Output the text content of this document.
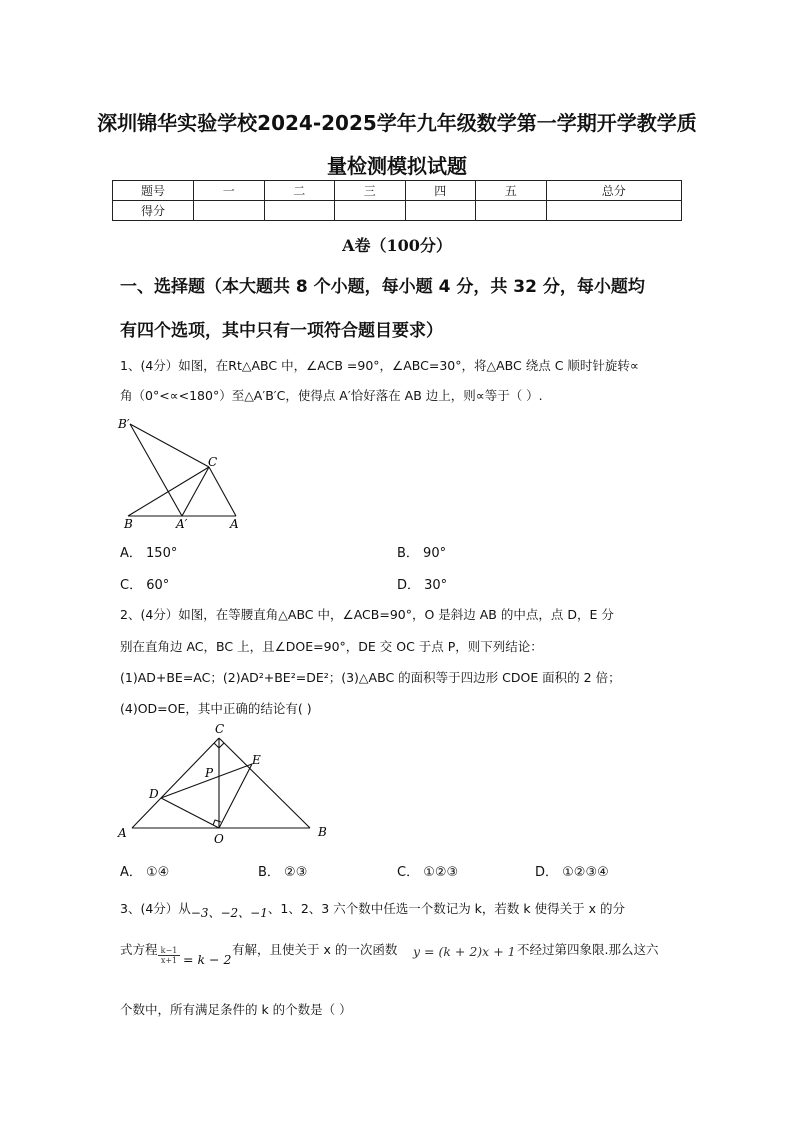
深圳锦华实验学校2024-2025学年九年级数学第一学期开学教学质
量检测模拟试题
题号	一	二	三	四	五	总分
得分						
A卷（100分）
一、选择题（本大题共 8 个小题，每小题 4 分，共 32 分，每小题均
有四个选项，其中只有一项符合题目要求）
1、(4分）如图，在Rt△ABC 中，∠ACB =90°，∠ABC=30°，将△ABC 绕点 C 顺时针旋转∝
角（0°<∝<180°）至△A′B′C，使得点 A′恰好落在 AB 边上，则∝等于（ ）.
B′
C
B	A′	A
A． 150°	B． 90°
C． 60°	D． 30°
2、(4分）如图，在等腰直角△ABC 中，∠ACB=90°，O 是斜边 AB 的中点，点 D，E 分
别在直角边 AC，BC 上，且∠DOE=90°，DE 交 OC 于点 P，则下列结论：
(1)AD+BE=AC；(2)AD²+BE²=DE²；(3)△ABC 的面积等于四边形 CDOE 面积的 2 倍；
(4)OD=OE，其中正确的结论有( )
C
E
P
D
A	O	B
A． ①④	B． ②③	C． ①②③	D． ①②③④
3、(4分）从−3、−2、−1、1、2、3 六个数中任选一个数记为 k，若数 k 使得关于 x 的分
式方程 $\frac{k-1}{x+1} = k - 2$
有解，且使关于 x 的一次函数 y = (k + 2)x + 1 不经过第四象限.那么这六
个数中，所有满足条件的 k 的个数是（ ）
